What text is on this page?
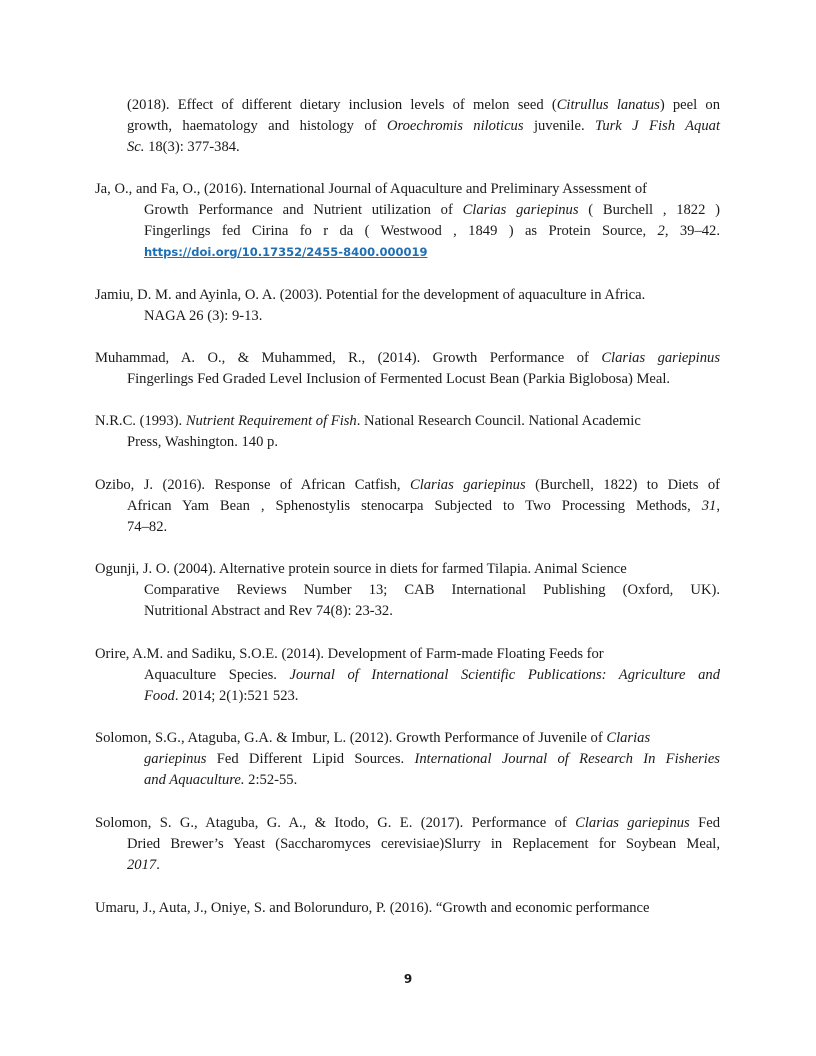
(2018). Effect of different dietary inclusion levels of melon seed (Citrullus lanatus) peel on
growth, haematology and histology of Oroechromis niloticus juvenile. Turk J Fish Aquat
Sc. 18(3): 377-384.
Ja, O., and Fa, O., (2016). International Journal of Aquaculture and Preliminary Assessment of
Growth Performance and Nutrient utilization of Clarias gariepinus ( Burchell , 1822 )
Fingerlings fed Cirina fo r da ( Westwood , 1849 ) as Protein Source, 2, 39–42.
https://doi.org/10.17352/2455-8400.000019
Jamiu, D. M. and Ayinla, O. A. (2003). Potential for the development of aquaculture in Africa.
NAGA 26 (3): 9-13.
Muhammad, A. O., & Muhammed, R., (2014). Growth Performance of Clarias gariepinus
Fingerlings Fed Graded Level Inclusion of Fermented Locust Bean (Parkia Biglobosa) Meal.
N.R.C. (1993). Nutrient Requirement of Fish. National Research Council. National Academic
Press, Washington. 140 p.
Ozibo, J. (2016). Response of African Catfish, Clarias gariepinus (Burchell, 1822) to Diets of
African Yam Bean , Sphenostylis stenocarpa Subjected to Two Processing Methods, 31,
74–82.
Ogunji, J. O. (2004). Alternative protein source in diets for farmed Tilapia. Animal Science
Comparative Reviews Number 13; CAB International Publishing (Oxford, UK).
Nutritional Abstract and Rev 74(8): 23-32.
Orire, A.M. and Sadiku, S.O.E. (2014). Development of Farm-made Floating Feeds for
Aquaculture Species. Journal of International Scientific Publications: Agriculture and
Food. 2014; 2(1):521 523.
Solomon, S.G., Ataguba, G.A. & Imbur, L. (2012). Growth Performance of Juvenile of Clarias
gariepinus Fed Different Lipid Sources. International Journal of Research In Fisheries
and Aquaculture. 2:52-55.
Solomon, S. G., Ataguba, G. A., & Itodo, G. E. (2017). Performance of Clarias gariepinus Fed
Dried Brewer’s Yeast (Saccharomyces cerevisiae)Slurry in Replacement for Soybean Meal,
2017.
Umaru, J., Auta, J., Oniye, S. and Bolorunduro, P. (2016). “Growth and economic performance
9
